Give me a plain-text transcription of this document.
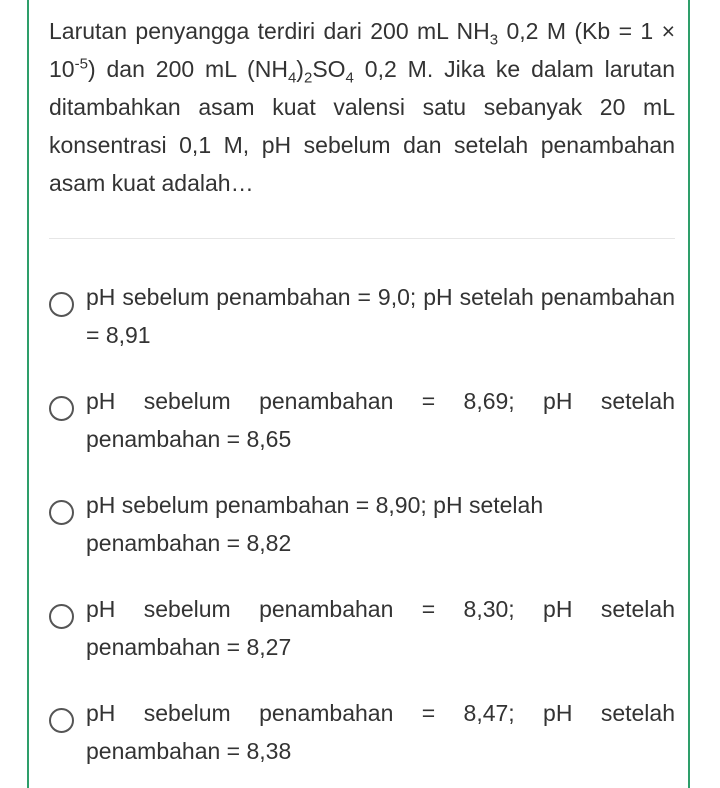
Larutan penyangga terdiri dari 200 mL $NH_3$ 0,2 M $(Kb = 1 \times 10^{-5})$ dan 200 mL $(NH_4)_2SO_4$ 0,2 M. Jika ke dalam larutan ditambahkan asam kuat valensi satu sebanyak 20 mL konsentrasi 0,1 M, pH sebelum dan setelah penambahan asam kuat adalah…
pH sebelum penambahan = 9,0; pH setelah penambahan = 8,91
pH sebelum penambahan = 8,69; pH setelah penambahan = 8,65
pH sebelum penambahan = 8,90; pH setelah penambahan = 8,82
pH sebelum penambahan = 8,30; pH setelah penambahan = 8,27
pH sebelum penambahan = 8,47; pH setelah penambahan = 8,38
